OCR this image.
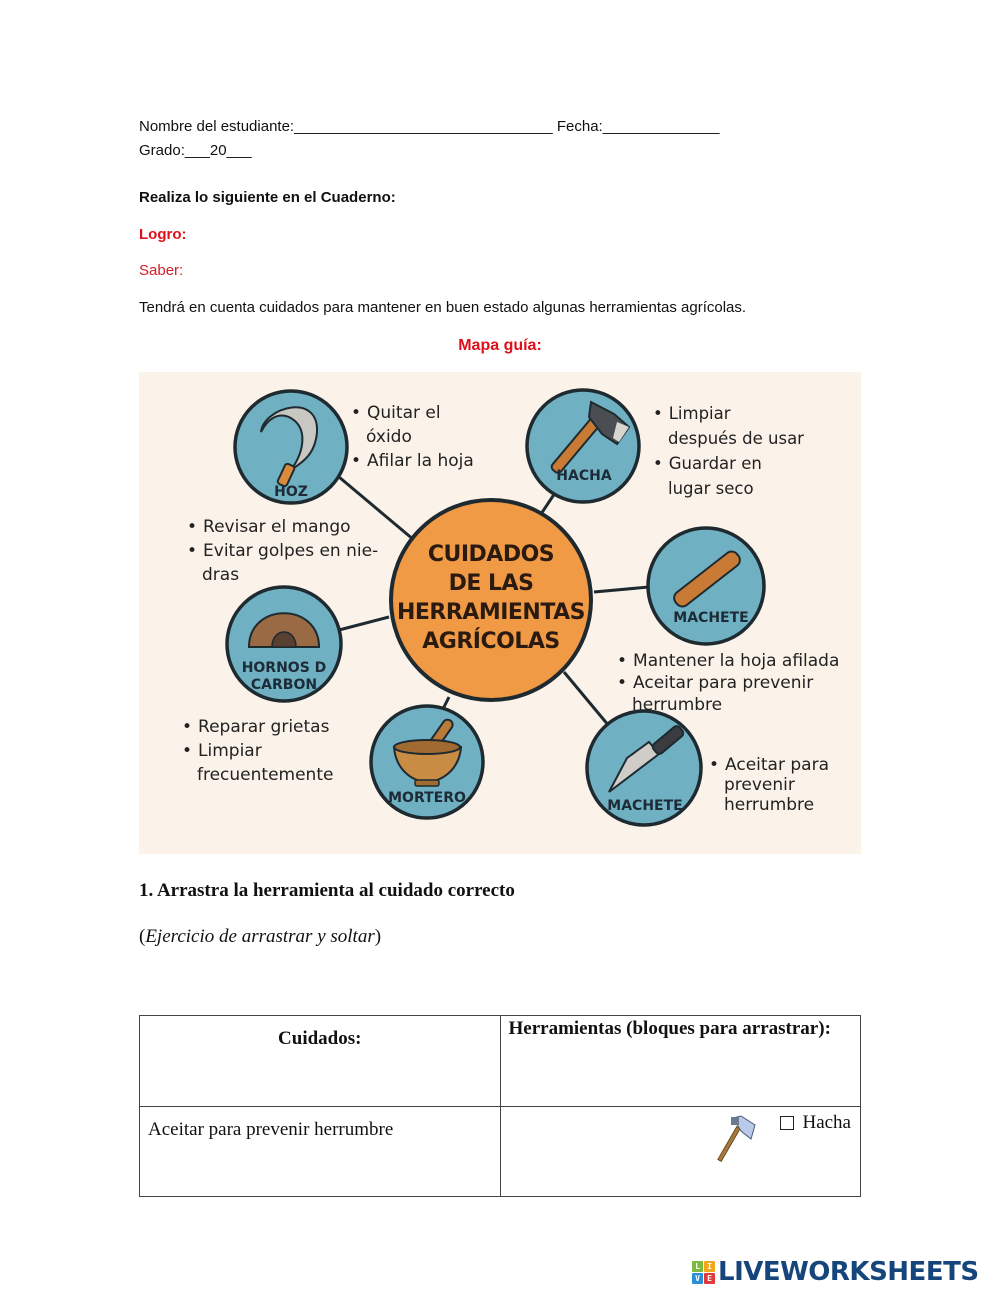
Nombre del estudiante:_______________________________ Fecha:______________
Grado:___20___
Realiza lo siguiente en el Cuaderno:
Logro:
Saber:
Tendrá en cuenta cuidados para mantener en buen estado algunas herramientas agrícolas.
Mapa guía:
CUIDADOS
DE LAS
HERRAMIENTAS
AGRÍCOLAS
HOZ
HACHA
MACHETE
HORNOS D
CARBON
MORTERO	MACHETE
• Quitar el
óxido
• Afilar la hoja
• Limpiar
después de usar
• Guardar en
lugar seco
• Revisar el mango
• Evitar golpes en nie-
dras
• Mantener la hoja afilada
• Aceitar para prevenir
herrumbre
• Reparar grietas
• Limpiar
frecuentemente	• Aceitar para
prevenir
herrumbre
1. Arrastra la herramienta al cuidado correcto
(Ejercicio de arrastrar y soltar)
Cuidados:	Herramientas (bloques para arrastrar):
Aceitar para prevenir herrumbre	Hacha
L I
V E LIVEWORKSHEETS
